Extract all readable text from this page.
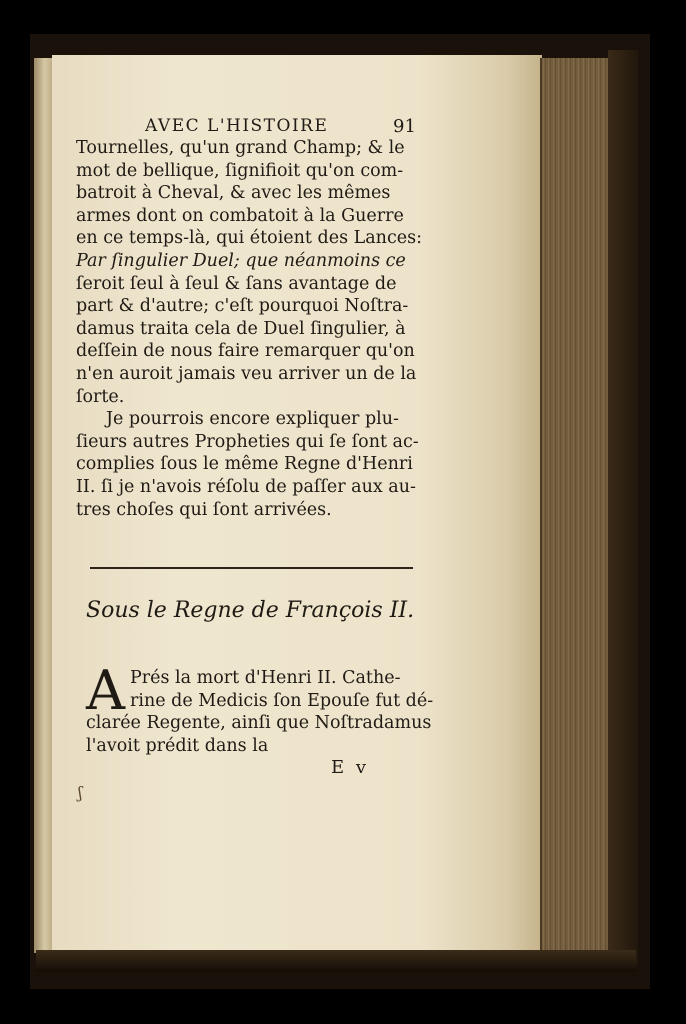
AVEC L'HISTOIRE	91
Tournelles, qu'un grand Champ; & le
mot de bellique, ſignifioit qu'on com-
batroit à Cheval, & avec les mêmes
armes dont on combatoit à la Guerre
en ce temps-là, qui étoient des Lances:
Par ſingulier Duel; que néanmoins ce
ſeroit ſeul à ſeul & ſans avantage de
part & d'autre; c'eſt pourquoi Noſtra-
damus traita cela de Duel ſingulier, à
deſſein de nous faire remarquer qu'on
n'en auroit jamais veu arriver un de la
ſorte.
Je pourrois encore expliquer plu-
ſieurs autres Propheties qui ſe ſont ac-
complies ſous le même Regne d'Henri
II. ſi je n'avois réſolu de paſſer aux au-
tres choſes qui ſont arrivées.
Sous le Regne de François II.
A Prés la mort d'Henri II. Cathe-
rine de Medicis ſon Epouſe fut dé-
clarée Regente, ainſi que Noſtradamus
l'avoit prédit dans la
E v
ʃ
